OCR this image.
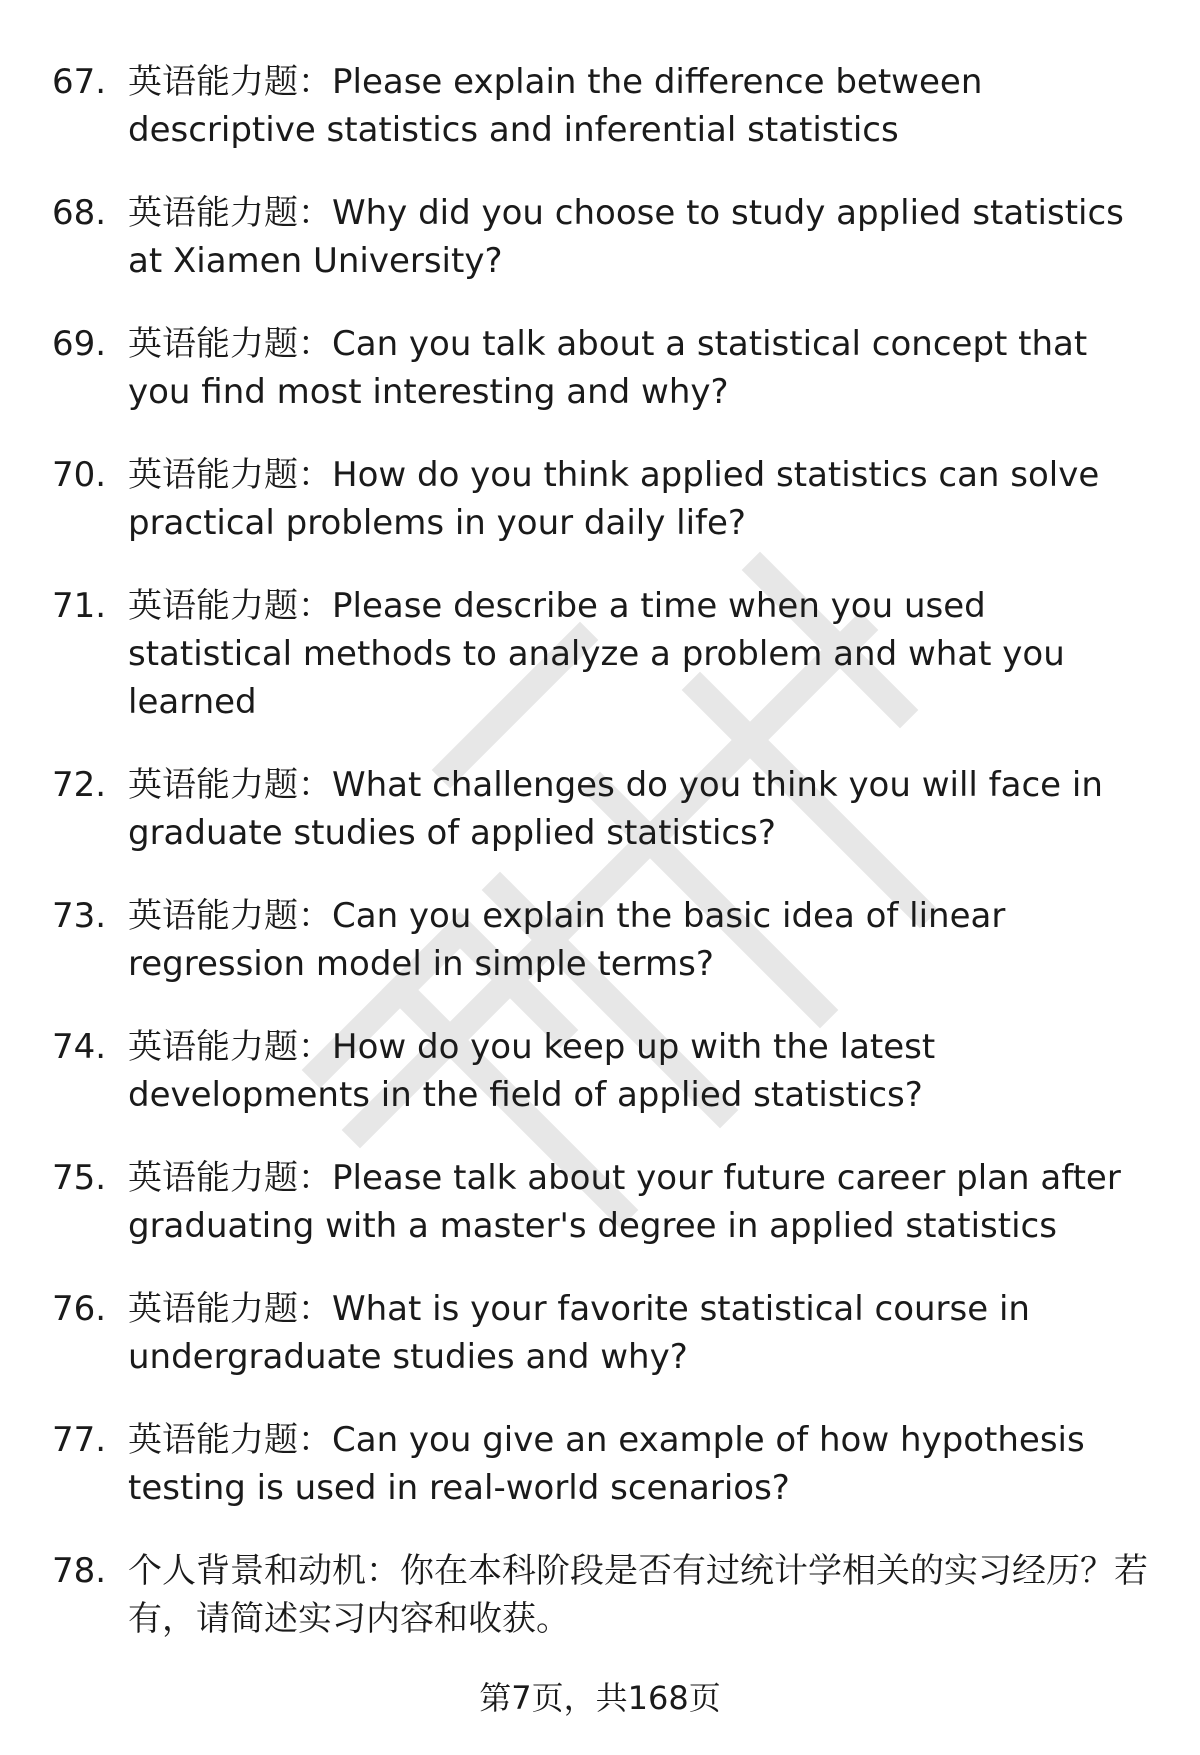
67. 英语能力题：Please explain the difference between descriptive statistics and inferential statistics
68. 英语能力题：Why did you choose to study applied statistics at Xiamen University?
69. 英语能力题：Can you talk about a statistical concept that you find most interesting and why?
70. 英语能力题：How do you think applied statistics can solve practical problems in your daily life?
71. 英语能力题：Please describe a time when you used statistical methods to analyze a problem and what you learned
72. 英语能力题：What challenges do you think you will face in graduate studies of applied statistics?
73. 英语能力题：Can you explain the basic idea of linear regression model in simple terms?
74. 英语能力题：How do you keep up with the latest developments in the field of applied statistics?
75. 英语能力题：Please talk about your future career plan after graduating with a master's degree in applied statistics
76. 英语能力题：What is your favorite statistical course in undergraduate studies and why?
77. 英语能力题：Can you give an example of how hypothesis testing is used in real-world scenarios?
78. 个人背景和动机：你在本科阶段是否有过统计学相关的实习经历？若有，请简述实习内容和收获。
第7页，共168页
